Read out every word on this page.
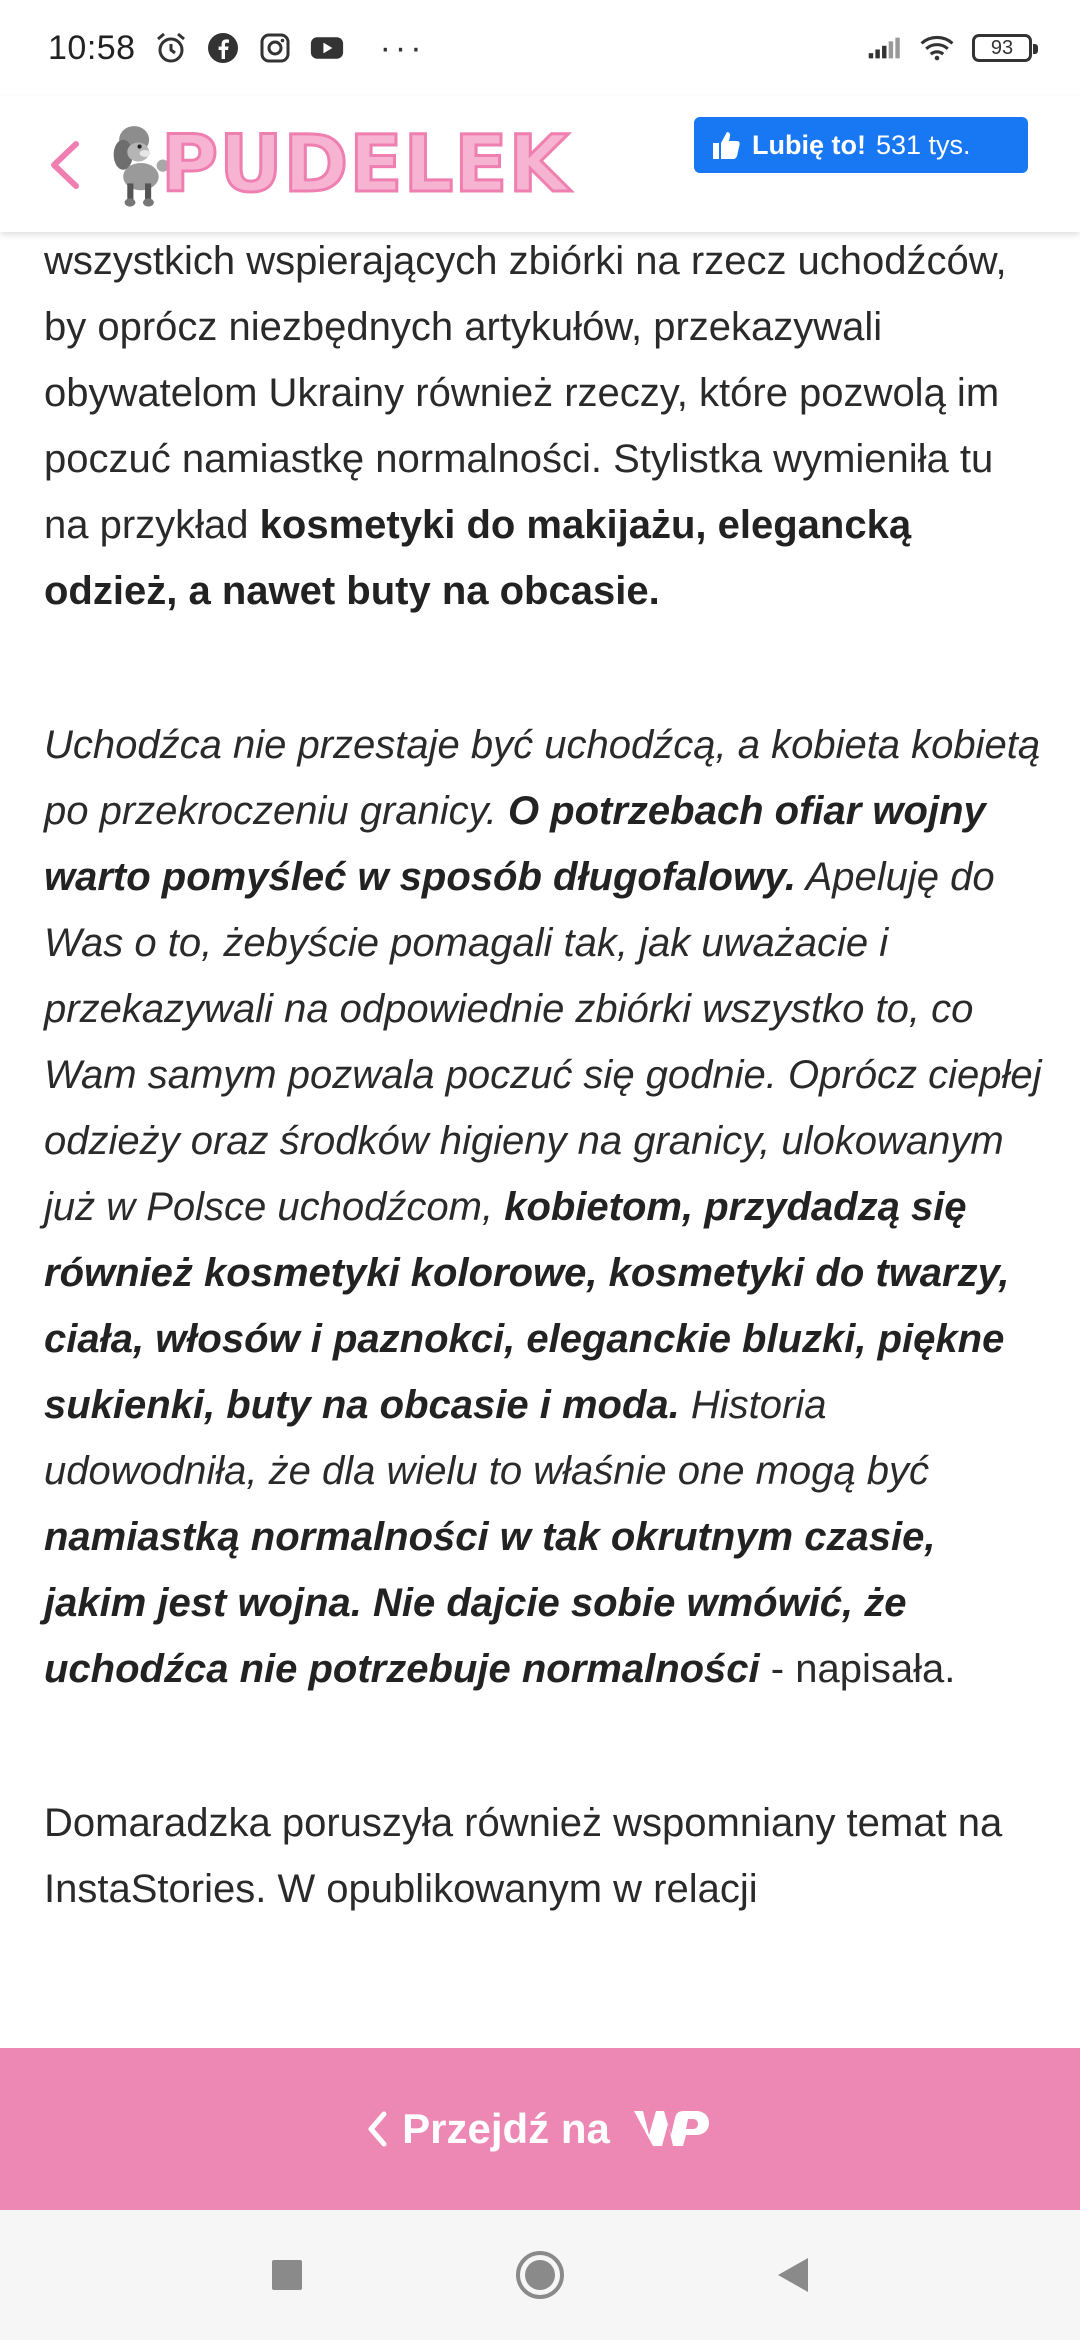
10:58	···	93
PUDELEK	Lubię to! 531 tys.

wszystkich wspierających zbiórki na rzecz uchodźców, by oprócz niezbędnych artykułów, przekazywali obywatelom Ukrainy również rzeczy, które pozwolą im poczuć namiastkę normalności. Stylistka wymieniła tu na przykład kosmetyki do makijażu, elegancką odzież, a nawet buty na obcasie.

Uchodźca nie przestaje być uchodźcą, a kobieta kobietą po przekroczeniu granicy. O potrzebach ofiar wojny warto pomyśleć w sposób długofalowy. Apeluję do Was o to, żebyście pomagali tak, jak uważacie i przekazywali na odpowiednie zbiórki wszystko to, co Wam samym pozwala poczuć się godnie. Oprócz ciepłej odzieży oraz środków higieny na granicy, ulokowanym już w Polsce uchodźcom, kobietom, przydadzą się również kosmetyki kolorowe, kosmetyki do twarzy, ciała, włosów i paznokci, eleganckie bluzki, piękne sukienki, buty na obcasie i moda. Historia udowodniła, że dla wielu to właśnie one mogą być namiastką normalności w tak okrutnym czasie, jakim jest wojna. Nie dajcie sobie wmówić, że uchodźca nie potrzebuje normalności - napisała.

Domaradzka poruszyła również wspomniany temat na InstaStories. W opublikowanym w relacji

Przejdź na
